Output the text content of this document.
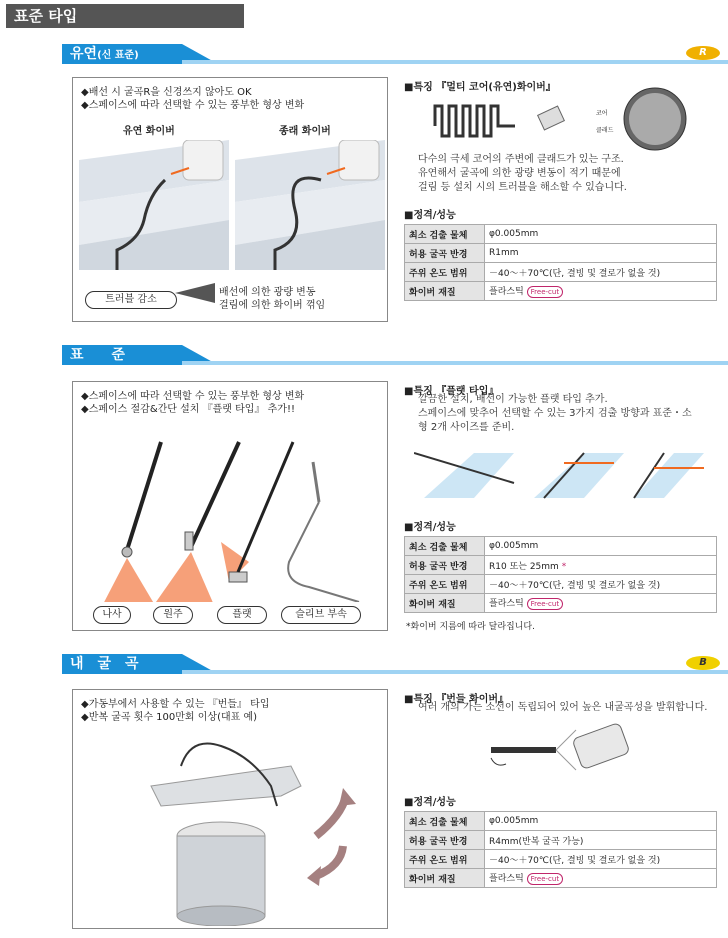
표준 타입
유연(신 표준)	R
◆배선 시 굴곡R을 신경쓰지 않아도 OK
◆스페이스에 따라 선택할 수 있는 풍부한 형상 변화
유연 화이버	종래 화이버
트러블 감소
배선에 의한 광량 변동
걸림에 의한 화이버 꺾임
■특징 『멀티 코어(유연)화이버』
코어
클래드
다수의 극세 코어의 주변에 클래드가 있는 구조.
유연해서 굴곡에 의한 광량 변동이 적기 때문에
걸림 등 설치 시의 트러블을 해소할 수 있습니다.
■정격/성능
최소 검출 물체	φ0.005mm
허용 굴곡 반경	R1mm
주위 온도 범위	－40～＋70℃(단, 결빙 및 결로가 없을 것)
화이버 재질	플라스틱 Free-cut
표　　준
◆스페이스에 따라 선택할 수 있는 풍부한 형상 변화
◆스페이스 절감&간단 설치 『플랫 타입』 추가!!
나사	원주	플랫	슬리브 부속
■특징 『플랫 타입』
깔끔한 설치, 배선이 가능한 플랫 타입 추가.
스페이스에 맞추어 선택할 수 있는 3가지 검출 방향과 표준・소
형 2개 사이즈를 준비.
■정격/성능
최소 검출 물체	φ0.005mm
허용 굴곡 반경	R10 또는 25mm *
주위 온도 범위	－40～＋70℃(단, 결빙 및 결로가 없을 것)
화이버 재질	플라스틱 Free-cut
*화이버 지름에 따라 달라집니다.
내　굴　곡	B
◆가동부에서 사용할 수 있는 『번들』 타입
◆반복 굴곡 횟수 100만회 이상(대표 예)
■특징 『번들 화이버』
여러 개의 가는 소선이 독립되어 있어 높은 내굴곡성을 발휘합니다.
■정격/성능
최소 검출 물체	φ0.005mm
허용 굴곡 반경	R4mm(반복 굴곡 가능)
주위 온도 범위	－40～＋70℃(단, 결빙 및 결로가 없을 것)
화이버 재질	플라스틱 Free-cut
